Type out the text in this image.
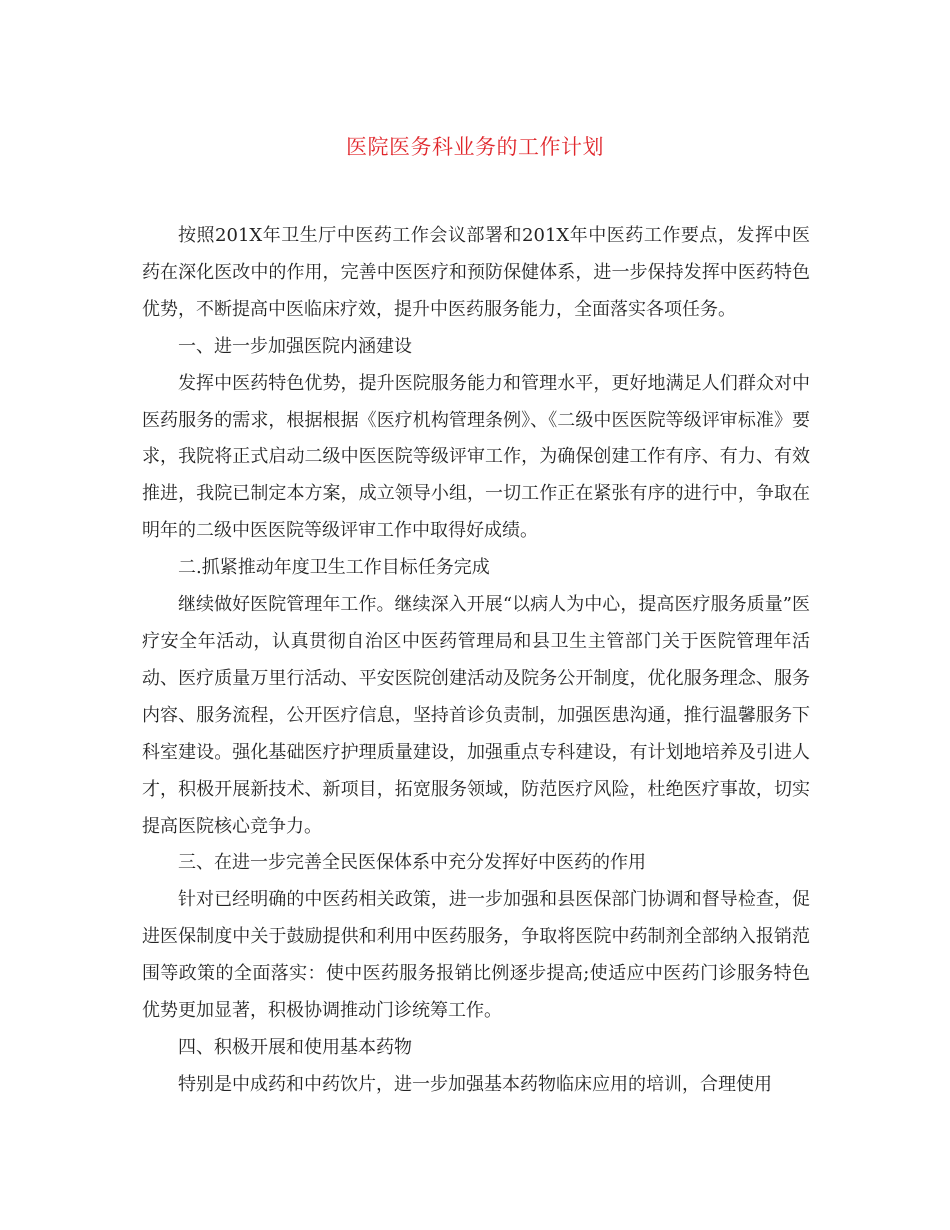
医院医务科业务的工作计划

按照201X年卫生厅中医药工作会议部署和201X年中医药工作要点，发挥中医药在深化医改中的作用，完善中医医疗和预防保健体系，进一步保持发挥中医药特色优势，不断提高中医临床疗效，提升中医药服务能力，全面落实各项任务。

一、进一步加强医院内涵建设

发挥中医药特色优势，提升医院服务能力和管理水平，更好地满足人们群众对中医药服务的需求，根据根据《医疗机构管理条例》、《二级中医医院等级评审标准》要求，我院将正式启动二级中医医院等级评审工作，为确保创建工作有序、有力、有效推进，我院已制定本方案，成立领导小组，一切工作正在紧张有序的进行中，争取在明年的二级中医医院等级评审工作中取得好成绩。

二.抓紧推动年度卫生工作目标任务完成

继续做好医院管理年工作。继续深入开展“以病人为中心，提高医疗服务质量”医疗安全年活动，认真贯彻自治区中医药管理局和县卫生主管部门关于医院管理年活动、医疗质量万里行活动、平安医院创建活动及院务公开制度，优化服务理念、服务内容、服务流程，公开医疗信息，坚持首诊负责制，加强医患沟通，推行温馨服务下科室建设。强化基础医疗护理质量建设，加强重点专科建设，有计划地培养及引进人才，积极开展新技术、新项目，拓宽服务领域，防范医疗风险，杜绝医疗事故，切实提高医院核心竞争力。

三、在进一步完善全民医保体系中充分发挥好中医药的作用

针对已经明确的中医药相关政策，进一步加强和县医保部门协调和督导检查，促进医保制度中关于鼓励提供和利用中医药服务，争取将医院中药制剂全部纳入报销范围等政策的全面落实：使中医药服务报销比例逐步提高;使适应中医药门诊服务特色优势更加显著，积极协调推动门诊统筹工作。

四、积极开展和使用基本药物

特别是中成药和中药饮片，进一步加强基本药物临床应用的培训，合理使用
